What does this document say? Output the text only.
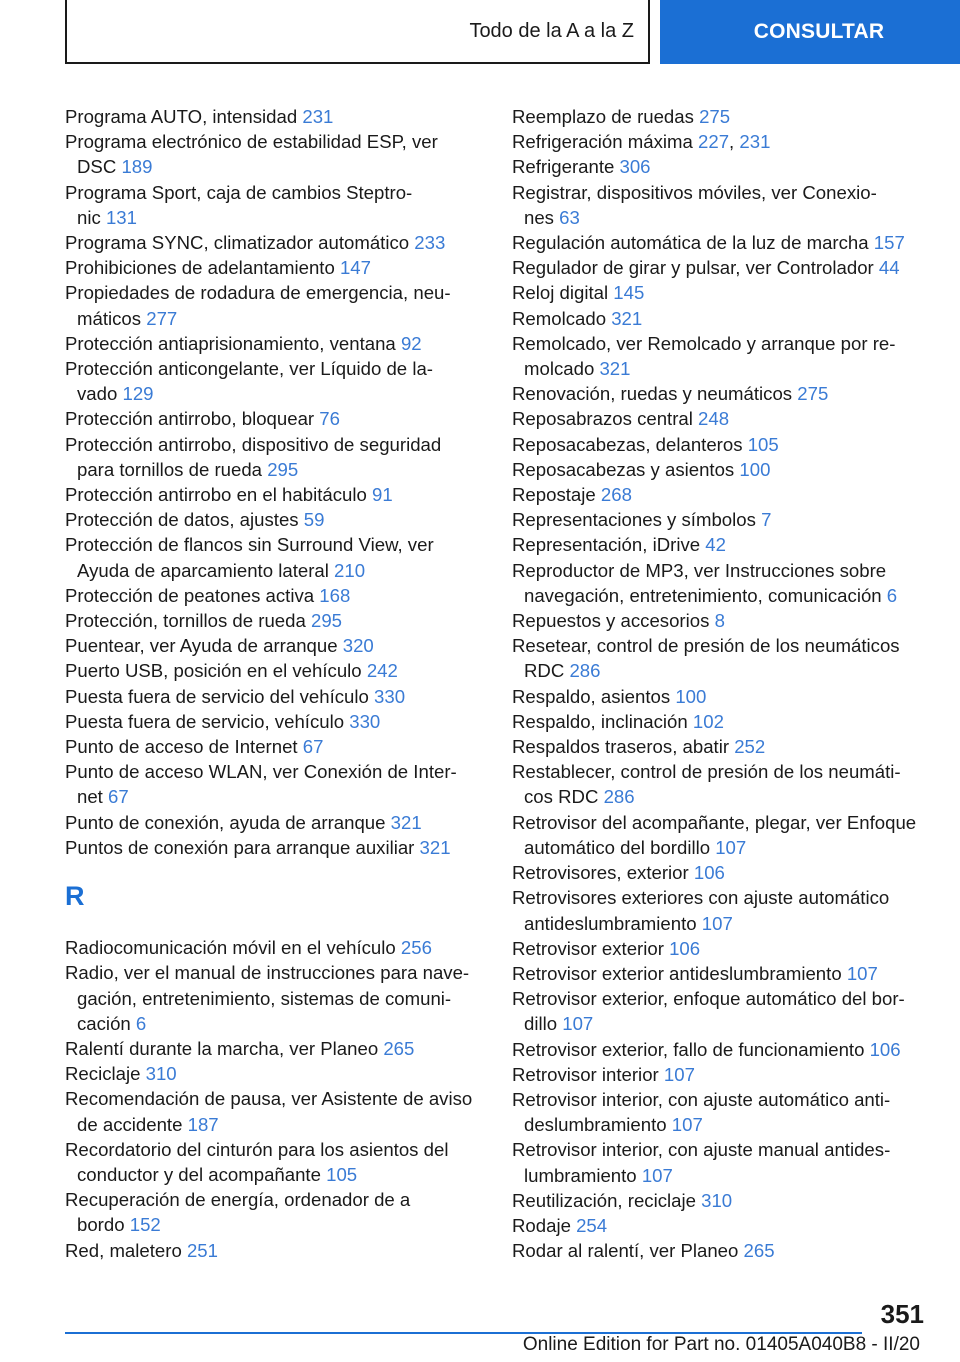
Todo de la A a la Z	CONSULTAR
Programa AUTO, intensidad 231
Programa electrónico de estabilidad ESP, ver
DSC 189
Programa Sport, caja de cambios Steptro-
nic 131
Programa SYNC, climatizador automático 233
Prohibiciones de adelantamiento 147
Propiedades de rodadura de emergencia, neu-
máticos 277
Protección antiaprisionamiento, ventana 92
Protección anticongelante, ver Líquido de la-
vado 129
Protección antirrobo, bloquear 76
Protección antirrobo, dispositivo de seguridad
para tornillos de rueda 295
Protección antirrobo en el habitáculo 91
Protección de datos, ajustes 59
Protección de flancos sin Surround View, ver
Ayuda de aparcamiento lateral 210
Protección de peatones activa 168
Protección, tornillos de rueda 295
Puentear, ver Ayuda de arranque 320
Puerto USB, posición en el vehículo 242
Puesta fuera de servicio del vehículo 330
Puesta fuera de servicio, vehículo 330
Punto de acceso de Internet 67
Punto de acceso WLAN, ver Conexión de Inter-
net 67
Punto de conexión, ayuda de arranque 321
Puntos de conexión para arranque auxiliar 321
R
Radiocomunicación móvil en el vehículo 256
Radio, ver el manual de instrucciones para nave-
gación, entretenimiento, sistemas de comuni-
cación 6
Ralentí durante la marcha, ver Planeo 265
Reciclaje 310
Recomendación de pausa, ver Asistente de aviso
de accidente 187
Recordatorio del cinturón para los asientos del
conductor y del acompañante 105
Recuperación de energía, ordenador de a
bordo 152
Red, maletero 251
Reemplazo de ruedas 275
Refrigeración máxima 227, 231
Refrigerante 306
Registrar, dispositivos móviles, ver Conexio-
nes 63
Regulación automática de la luz de marcha 157
Regulador de girar y pulsar, ver Controlador 44
Reloj digital 145
Remolcado 321
Remolcado, ver Remolcado y arranque por re-
molcado 321
Renovación, ruedas y neumáticos 275
Reposabrazos central 248
Reposacabezas, delanteros 105
Reposacabezas y asientos 100
Repostaje 268
Representaciones y símbolos 7
Representación, iDrive 42
Reproductor de MP3, ver Instrucciones sobre
navegación, entretenimiento, comunicación 6
Repuestos y accesorios 8
Resetear, control de presión de los neumáticos
RDC 286
Respaldo, asientos 100
Respaldo, inclinación 102
Respaldos traseros, abatir 252
Restablecer, control de presión de los neumáti-
cos RDC 286
Retrovisor del acompañante, plegar, ver Enfoque
automático del bordillo 107
Retrovisores, exterior 106
Retrovisores exteriores con ajuste automático
antideslumbramiento 107
Retrovisor exterior 106
Retrovisor exterior antideslumbramiento 107
Retrovisor exterior, enfoque automático del bor-
dillo 107
Retrovisor exterior, fallo de funcionamiento 106
Retrovisor interior 107
Retrovisor interior, con ajuste automático anti-
deslumbramiento 107
Retrovisor interior, con ajuste manual antides-
lumbramiento 107
Reutilización, reciclaje 310
Rodaje 254
Rodar al ralentí, ver Planeo 265
351
Online Edition for Part no. 01405A040B8 - II/20
